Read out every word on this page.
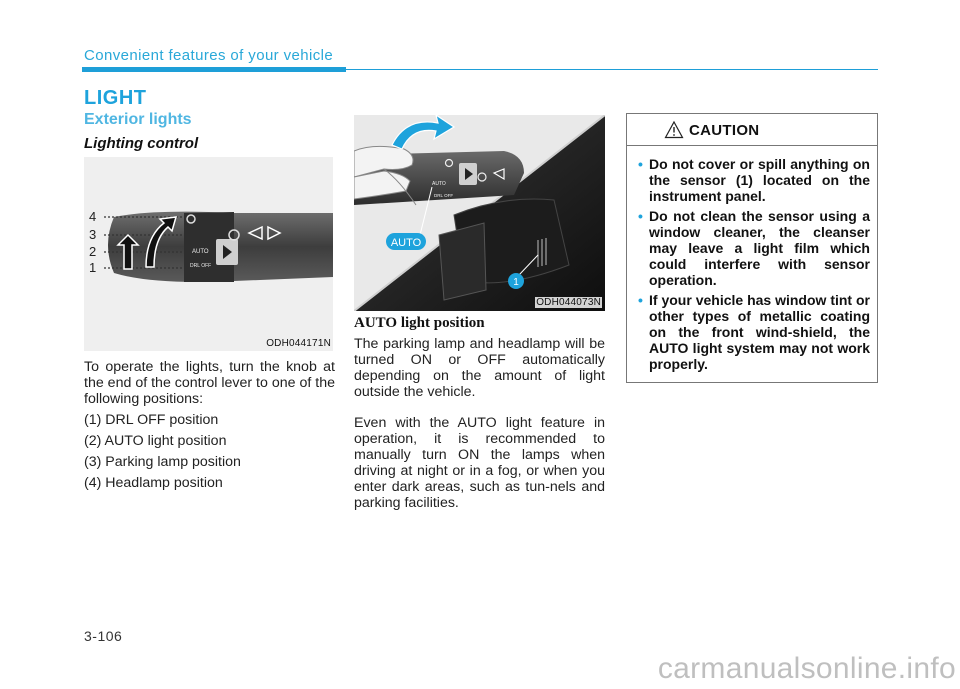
Convenient features of your vehicle
LIGHT
Exterior lights
Lighting control
AUTO
DRL OFF
4
3
2
1
ODH044171N

To operate the lights, turn the knob at the end of the control lever to one of the following positions:

(1) DRL OFF position

(2) AUTO light position

(3) Parking lamp position

(4) Headlamp position

AUTO
DRL OFF
AUTO
1
ODH044073N
AUTO light position

The parking lamp and headlamp will be turned ON or OFF automatically depending on the amount of light outside the vehicle.

Even with the AUTO light feature in operation, it is recommended to manually turn ON the lamps when driving at night or in a fog, or when you enter dark areas, such as tun-nels and parking facilities.

CAUTION
• Do not cover or spill anything on the sensor (1) located on the instrument panel.
• Do not clean the sensor using a window cleaner, the cleanser may leave a light film which could interfere with sensor operation.
• If your vehicle has window tint or other types of metallic coating on the front wind-shield, the AUTO light system may not work properly.
3-106
carmanualsonline.info
